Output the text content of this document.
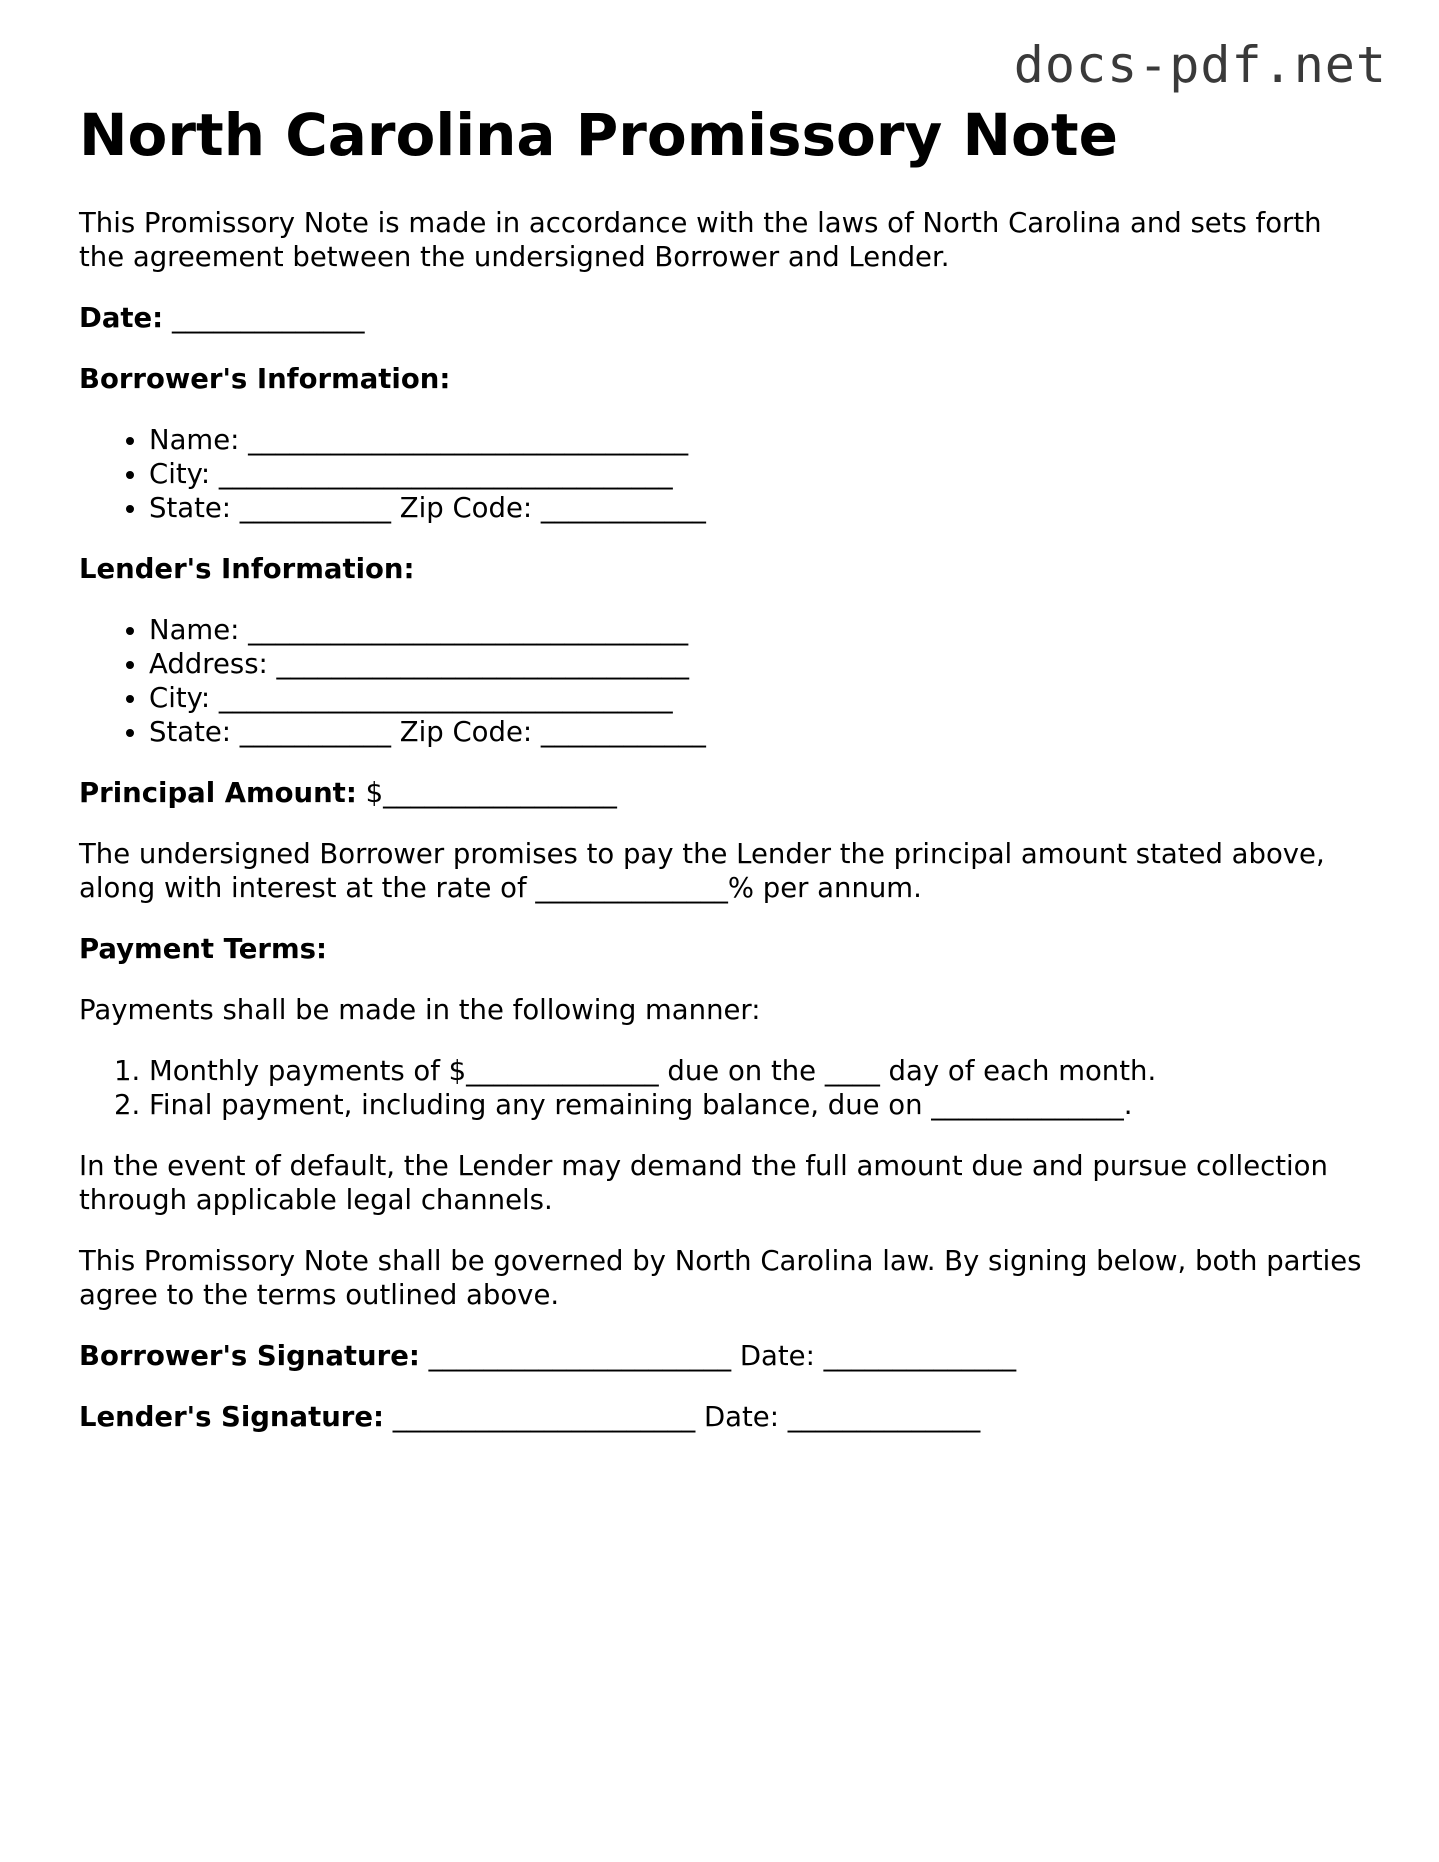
docs-pdf.net
North Carolina Promissory Note

This Promissory Note is made in accordance with the laws of North Carolina and sets forth the agreement between the undersigned Borrower and Lender.

Date: ______________

Borrower's Information:

• Name: ________________________________
• City: _________________________________
• State: ___________ Zip Code: ____________

Lender's Information:

• Name: ________________________________
• Address: ______________________________
• City: _________________________________
• State: ___________ Zip Code: ____________

Principal Amount: $_________________

The undersigned Borrower promises to pay the Lender the principal amount stated above, along with interest at the rate of ______________% per annum.

Payment Terms:

Payments shall be made in the following manner:

1. Monthly payments of $______________ due on the ____ day of each month.
2. Final payment, including any remaining balance, due on ______________.

In the event of default, the Lender may demand the full amount due and pursue collection through applicable legal channels.

This Promissory Note shall be governed by North Carolina law. By signing below, both parties agree to the terms outlined above.

Borrower's Signature: ______________________ Date: ______________

Lender's Signature: ______________________ Date: ______________
